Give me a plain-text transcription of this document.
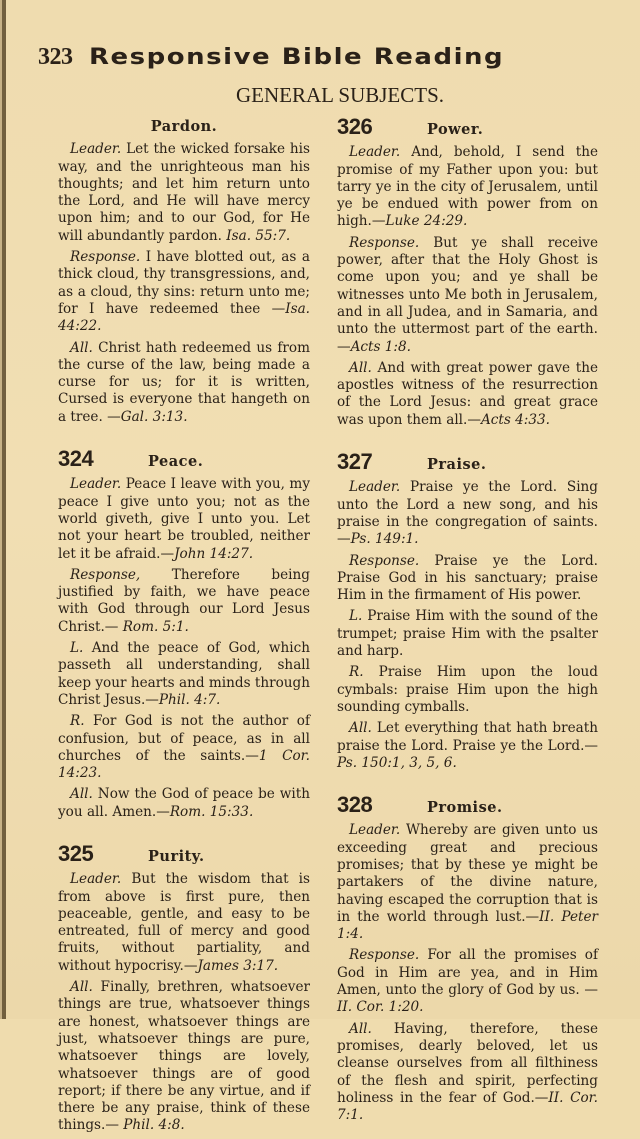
323 Responsive Bible Reading
GENERAL SUBJECTS.
Pardon.

Leader. Let the wicked forsake his way, and the unrighteous man his thoughts; and let him return unto the Lord, and He will have mercy upon him; and to our God, for He will abundantly pardon. Isa. 55:7.

Response. I have blotted out, as a thick cloud, thy transgressions, and, as a cloud, thy sins: return unto me; for I have redeemed thee —Isa. 44:22.

All. Christ hath redeemed us from the curse of the law, being made a curse for us; for it is written, Cursed is everyone that hangeth on a tree. —Gal. 3:13.

324	Peace.

Leader. Peace I leave with you, my peace I give unto you; not as the world giveth, give I unto you. Let not your heart be troubled, neither let it be afraid.—John 14:27.

Response, Therefore being justified by faith, we have peace with God through our Lord Jesus Christ.— Rom. 5:1.

L. And the peace of God, which passeth all understanding, shall keep your hearts and minds through Christ Jesus.—Phil. 4:7.

R. For God is not the author of confusion, but of peace, as in all churches of the saints.—1 Cor. 14:23.

All. Now the God of peace be with you all. Amen.—Rom. 15:33.

325	Purity.

Leader. But the wisdom that is from above is first pure, then peaceable, gentle, and easy to be entreated, full of mercy and good fruits, without partiality, and without hypocrisy.—James 3:17.

All. Finally, brethren, whatsoever things are true, whatsoever things are honest, whatsoever things are just, whatsoever things are pure, whatsoever things are lovely, whatsoever things are of good report; if there be any virtue, and if there be any praise, think of these things.— Phil. 4:8.

326	Power.

Leader. And, behold, I send the promise of my Father upon you: but tarry ye in the city of Jerusalem, until ye be endued with power from on high.—Luke 24:29.

Response. But ye shall receive power, after that the Holy Ghost is come upon you; and ye shall be witnesses unto Me both in Jerusalem, and in all Judea, and in Samaria, and unto the uttermost part of the earth.—Acts 1:8.

All. And with great power gave the apostles witness of the resurrection of the Lord Jesus: and great grace was upon them all.—Acts 4:33.

327	Praise.

Leader. Praise ye the Lord. Sing unto the Lord a new song, and his praise in the congregation of saints. —Ps. 149:1.

Response. Praise ye the Lord. Praise God in his sanctuary; praise Him in the firmament of His power.

L. Praise Him with the sound of the trumpet; praise Him with the psalter and harp.

R. Praise Him upon the loud cymbals: praise Him upon the high sounding cymballs.

All. Let everything that hath breath praise the Lord. Praise ye the Lord.—Ps. 150:1, 3, 5, 6.

328	Promise.

Leader. Whereby are given unto us exceeding great and precious promises; that by these ye might be partakers of the divine nature, having escaped the corruption that is in the world through lust.—II. Peter 1:4.

Response. For all the promises of God in Him are yea, and in Him Amen, unto the glory of God by us. —II. Cor. 1:20.

All. Having, therefore, these promises, dearly beloved, let us cleanse ourselves from all filthiness of the flesh and spirit, perfecting holiness in the fear of God.—II. Cor. 7:1.
